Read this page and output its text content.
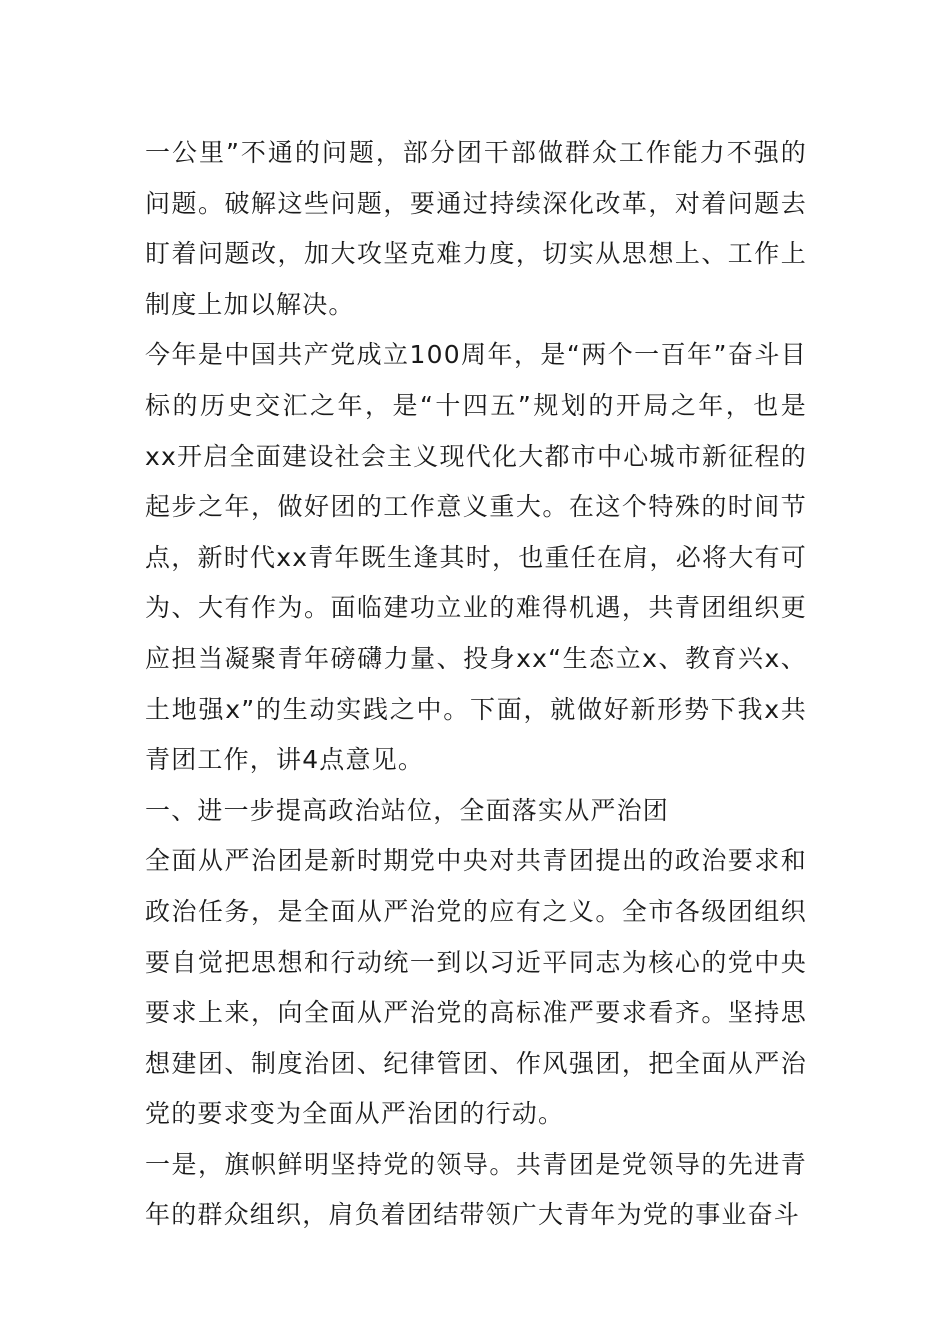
一公里”不通的问题，部分团干部做群众工作能力不强的问题。破解这些问题，要通过持续深化改革，对着问题去盯着问题改，加大攻坚克难力度，切实从思想上、工作上制度上加以解决。

今年是中国共产党成立100周年，是“两个一百年”奋斗目标的历史交汇之年，是“十四五”规划的开局之年，也是xx开启全面建设社会主义现代化大都市中心城市新征程的起步之年，做好团的工作意义重大。在这个特殊的时间节点，新时代xx青年既生逢其时，也重任在肩，必将大有可为、大有作为。面临建功立业的难得机遇，共青团组织更应担当凝聚青年磅礴力量、投身xx“生态立x、教育兴x、土地强x”的生动实践之中。下面，就做好新形势下我x共青团工作，讲4点意见。

一、进一步提高政治站位，全面落实从严治团

全面从严治团是新时期党中央对共青团提出的政治要求和政治任务，是全面从严治党的应有之义。全市各级团组织要自觉把思想和行动统一到以习近平同志为核心的党中央要求上来，向全面从严治党的高标准严要求看齐。坚持思想建团、制度治团、纪律管团、作风强团，把全面从严治党的要求变为全面从严治团的行动。

一是，旗帜鲜明坚持党的领导。共青团是党领导的先进青年的群众组织，肩负着团结带领广大青年为党的事业奋斗
